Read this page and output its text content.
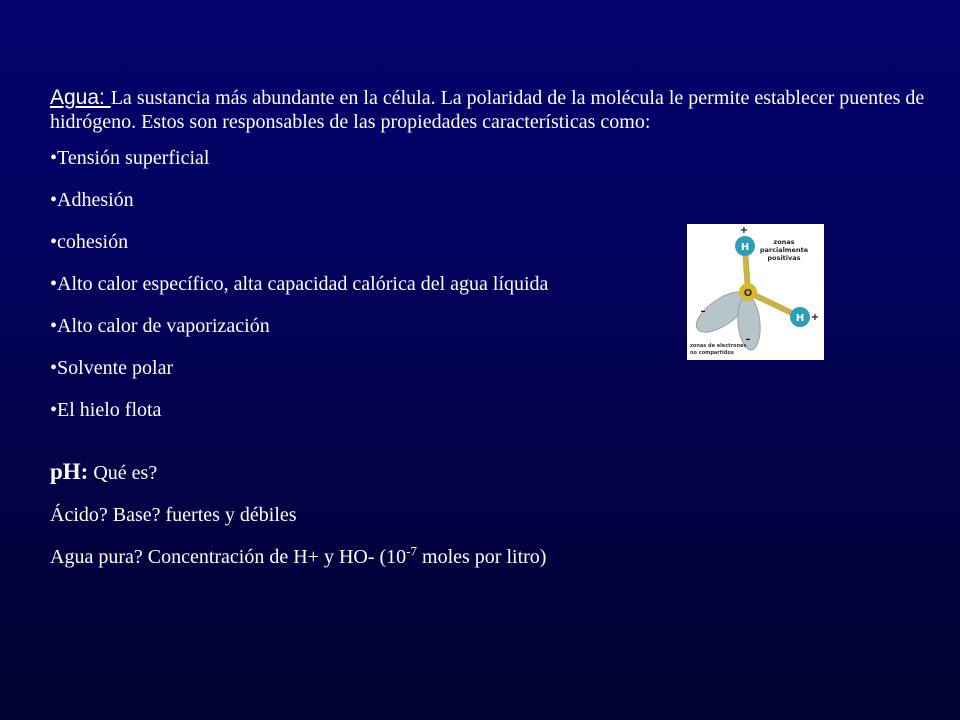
Agua: La sustancia más abundante en la célula. La polaridad de la molécula le permite establecer puentes de hidrógeno. Estos son responsables de las propiedades características como:

• Tensión superficial
• Adhesión
• cohesión
• Alto calor específico, alta capacidad calórica del agua líquida
• Alto calor de vaporización
• Solvente polar
• El hielo flota

pH: Qué es?

Ácido? Base? fuertes y débiles

Agua pura? Concentración de H+ y HO- ($10^{-7}$ moles por litro)

H
H
O
+
+
–
–
zonas
parcialmente
positivas
zonas de electrones
no compartidos
